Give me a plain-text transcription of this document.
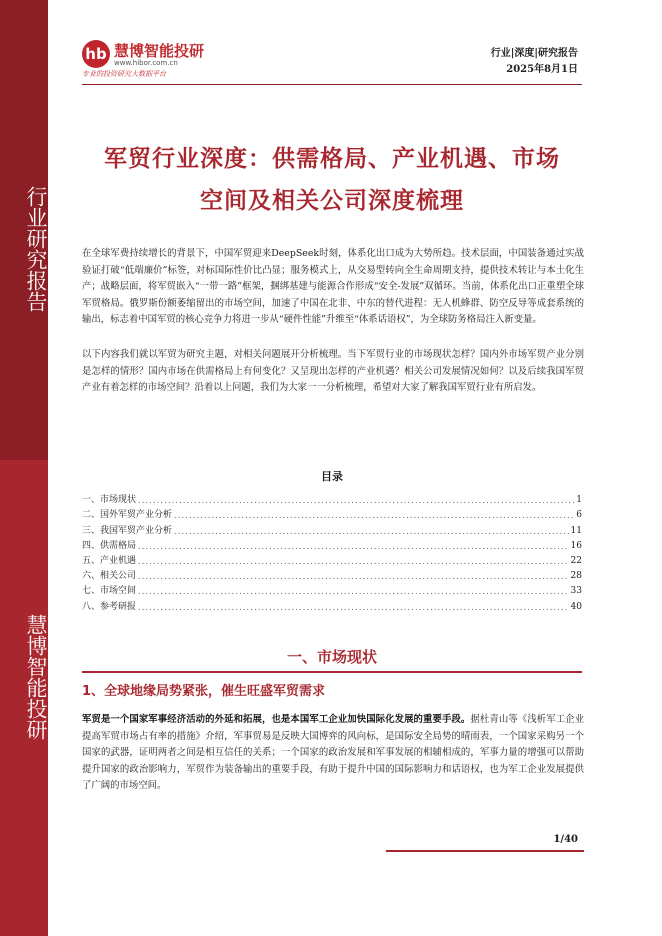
行业研究报告
慧博智能投研
hb 慧博智能投研
www.hibor.com.cn
专业的投资研究大数据平台
行业|深度|研究报告
2025年8月1日
军贸行业深度：供需格局、产业机遇、市场
空间及相关公司深度梳理
在全球军费持续增长的背景下，中国军贸迎来DeepSeek时刻，体系化出口成为大势所趋。技术层面，中国装备通过实战验证打破“低端廉价”标签，对标国际性价比凸显；服务模式上，从交易型转向全生命周期支持，提供技术转让与本土化生产；战略层面，将军贸嵌入“一带一路”框架，捆绑基建与能源合作形成“安全-发展”双循环。当前，体系化出口正重塑全球军贸格局。俄罗斯份额萎缩留出的市场空间，加速了中国在北非、中东的替代进程：无人机蜂群、防空反导等成套系统的输出，标志着中国军贸的核心竞争力将进一步从“硬件性能”升维至“体系话语权”，为全球防务格局注入新变量。
以下内容我们就以军贸为研究主题，对相关问题展开分析梳理。当下军贸行业的市场现状怎样？国内外市场军贸产业分别是怎样的情形？国内市场在供需格局上有何变化？又呈现出怎样的产业机遇？相关公司发展情况如何？以及后续我国军贸产业有着怎样的市场空间？沿着以上问题，我们为大家一一分析梳理，希望对大家了解我国军贸行业有所启发。
目录
一、市场现状 .....	1
二、国外军贸产业分析 .....	6
三、我国军贸产业分析 .....	11
四、供需格局 .....	16
五、产业机遇 .....	22
六、相关公司 .....	28
七、市场空间 .....	33
八、参考研报 .....	40
一、市场现状
1、全球地缘局势紧张，催生旺盛军贸需求
军贸是一个国家军事经济活动的外延和拓展，也是本国军工企业加快国际化发展的重要手段。据杜青山等《浅析军工企业提高军贸市场占有率的措施》介绍，军事贸易是反映大国博弈的风向标，是国际安全局势的晴雨表，一个国家采购另一个国家的武器，证明两者之间是相互信任的关系；一个国家的政治发展和军事发展的相辅相成的，军事力量的增强可以帮助提升国家的政治影响力，军贸作为装备输出的重要手段，有助于提升中国的国际影响力和话语权，也为军工企业发展提供了广阔的市场空间。
1/40
